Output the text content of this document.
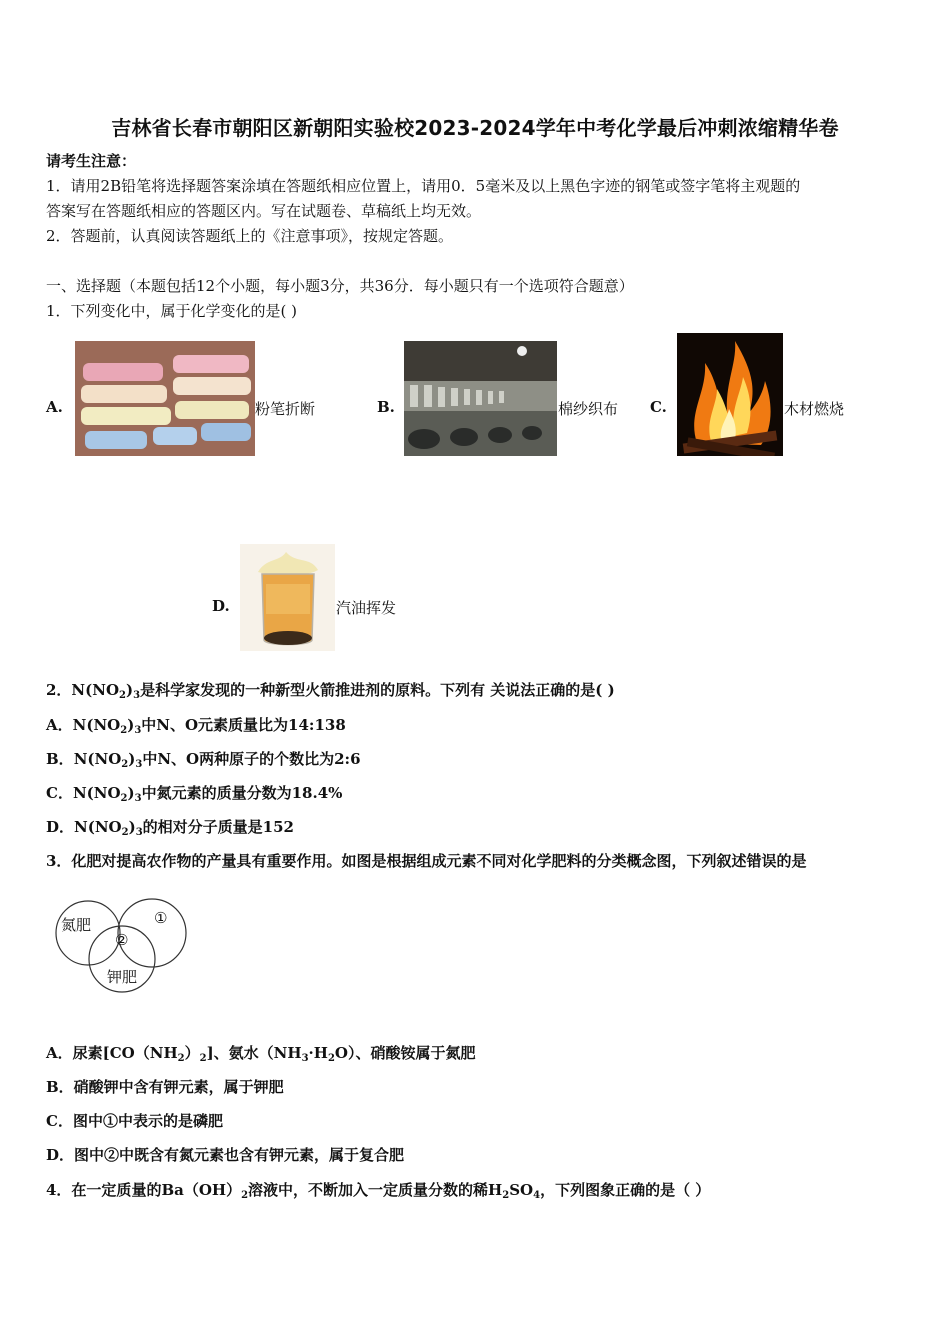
吉林省长春市朝阳区新朝阳实验校2023-2024学年中考化学最后冲刺浓缩精华卷
请考生注意：
1．请用2B铅笔将选择题答案涂填在答题纸相应位置上，请用0．5毫米及以上黑色字迹的钢笔或签字笔将主观题的
答案写在答题纸相应的答题区内。写在试题卷、草稿纸上均无效。
2．答题前，认真阅读答题纸上的《注意事项》，按规定答题。
一、选择题（本题包括12个小题，每小题3分，共36分．每小题只有一个选项符合题意）
1．下列变化中，属于化学变化的是( )
A.	粉笔折断	B.	棉纱织布 C.	木材燃烧
D.	汽油挥发
2．$N(NO_2)_3$是科学家发现的一种新型火箭推进剂的原料。下列有 关说法正确的是( )
A．$N(NO_2)_3$中N、O元素质量比为14:138
B．$N(NO_2)_3$中N、O两种原子的个数比为2:6
C．$N(NO_2)_3$中氮元素的质量分数为18.4%
D．$N(NO_2)_3$的相对分子质量是152
3．化肥对提高农作物的产量具有重要作用。如图是根据组成元素不同对化学肥料的分类概念图，下列叙述错误的是
氮肥	①
②
钾肥
A．尿素$[CO(NH_2)_2]$、氨水$(NH_3\cdot H_2O)$、硝酸铵属于氮肥
B．硝酸钾中含有钾元素，属于钾肥
C．图中①中表示的是磷肥
D．图中②中既含有氮元素也含有钾元素，属于复合肥
4．在一定质量的$Ba(OH)_2$溶液中，不断加入一定质量分数的稀$H_2SO_4$，下列图象正确的是（ ）
